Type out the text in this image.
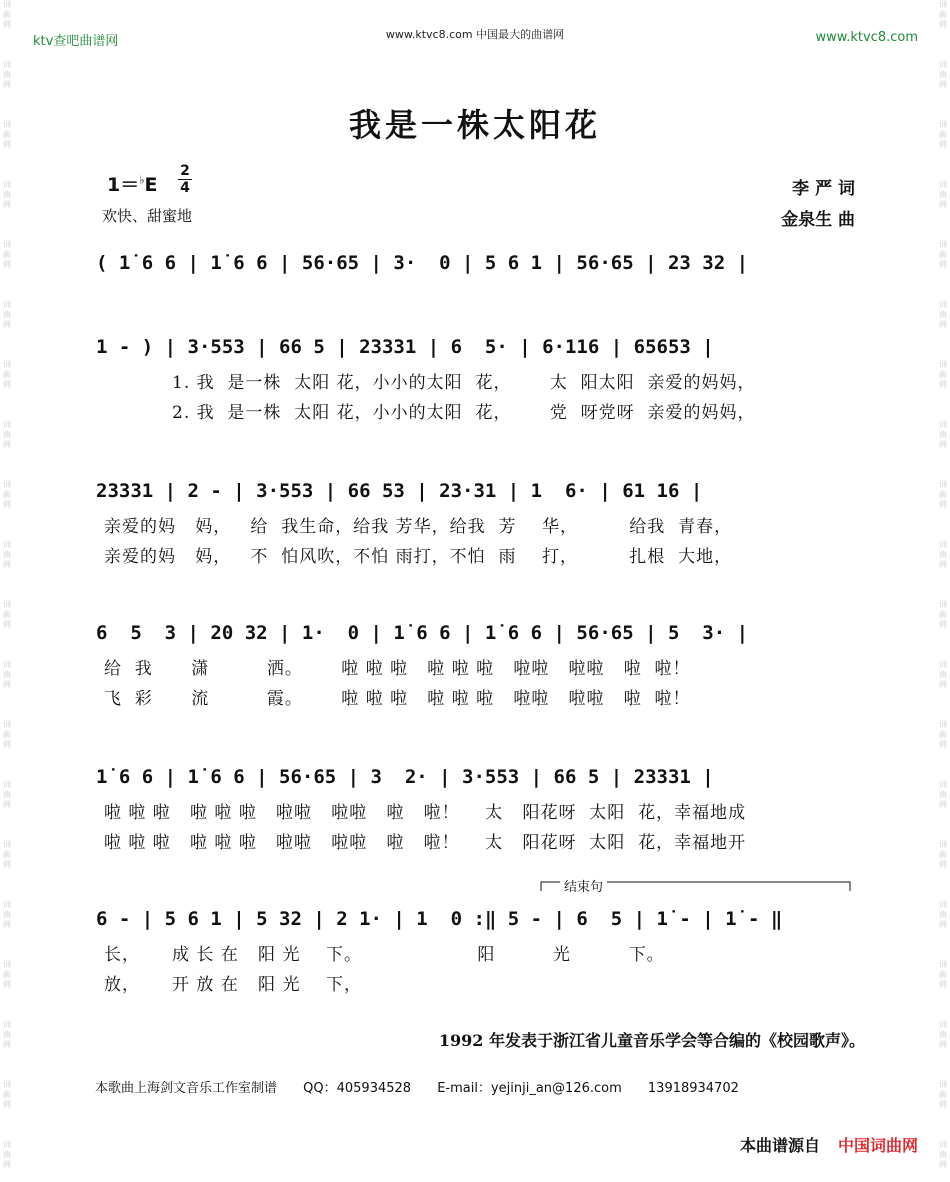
词
曲
网
词
曲
网
词
曲
网
词
曲
网
词
曲
网
词
曲
网
词
曲
网
词
曲
网
词
曲
网
词
曲
网
词
曲
网
词
曲
网
词
曲
网
词
曲
网
词
曲
网
词
曲
网
词
曲
网
词
曲
网
词
曲
网
词
曲
网
词
曲
网
词
曲
网
词
曲
网
词
曲
网
词
曲
网
词
曲
网
词
曲
网
词
曲
网
词
曲
网
词
曲
网
词
曲
网
词
曲
网
词
曲
网
词
曲
网
词
曲
网
词
曲
网
词
曲
网
词
曲
网
词
曲
网
词
曲
网
ktv查吧曲谱网	www.ktvc8.com 中国最大的曲谱网	www.ktvc8.com
我是一株太阳花
1＝♭E
2
4
欢快、甜蜜地
李 严 词
金泉生 曲
( 1̇ 6 6 | 1̇ 6 6 | 56·65 | 3·  0 | 5 6 1 | 56·65 | 23 32 |
1 - ) | 3·553 | 66 5 | 23331 | 6  5· | 6·116 | 65653 |
1. 我  是一株  太阳 花，小小的太阳  花，      太  阳太阳  亲爱的妈妈，
2. 我  是一株  太阳 花，小小的太阳  花，      党  呀党呀  亲爱的妈妈，
23331 | 2 - | 3·553 | 66 53 | 23·31 | 1  6· | 61 16 |
亲爱的妈   妈，   给  我生命，给我 芳华，给我  芳    华，        给我  青春，
亲爱的妈   妈，   不  怕风吹，不怕 雨打，不怕  雨    打，        扎根  大地，
6  5  3 | 20 32 | 1·  0 | 1̇ 6 6 | 1̇ 6 6 | 56·65 | 5  3· |
给  我      潇         洒。      啦 啦 啦   啦 啦 啦   啦啦   啦啦   啦  啦！
飞  彩      流         霞。      啦 啦 啦   啦 啦 啦   啦啦   啦啦   啦  啦！
1̇ 6 6 | 1̇ 6 6 | 56·65 | 3  2· | 3·553 | 66 5 | 23331 |
啦 啦 啦   啦 啦 啦   啦啦   啦啦   啦   啦！    太   阳花呀  太阳  花，幸福地成
啦 啦 啦   啦 啦 啦   啦啦   啦啦   啦   啦！    太   阳花呀  太阳  花，幸福地开
结束句
6 - | 5 6 1 | 5 32 | 2 1· | 1  0 :‖ 5 - | 6  5 | 1̇ - | 1̇ - ‖
长，     成 长 在   阳 光    下。                  阳         光         下。
放，     开 放 在   阳 光    下，
1992 年发表于浙江省儿童音乐学会等合编的《校园歌声》。
本歌曲上海剑文音乐工作室制谱 QQ：405934528 E-mail：yejinji_an@126.com 13918934702
本曲谱源自 中国词曲网
